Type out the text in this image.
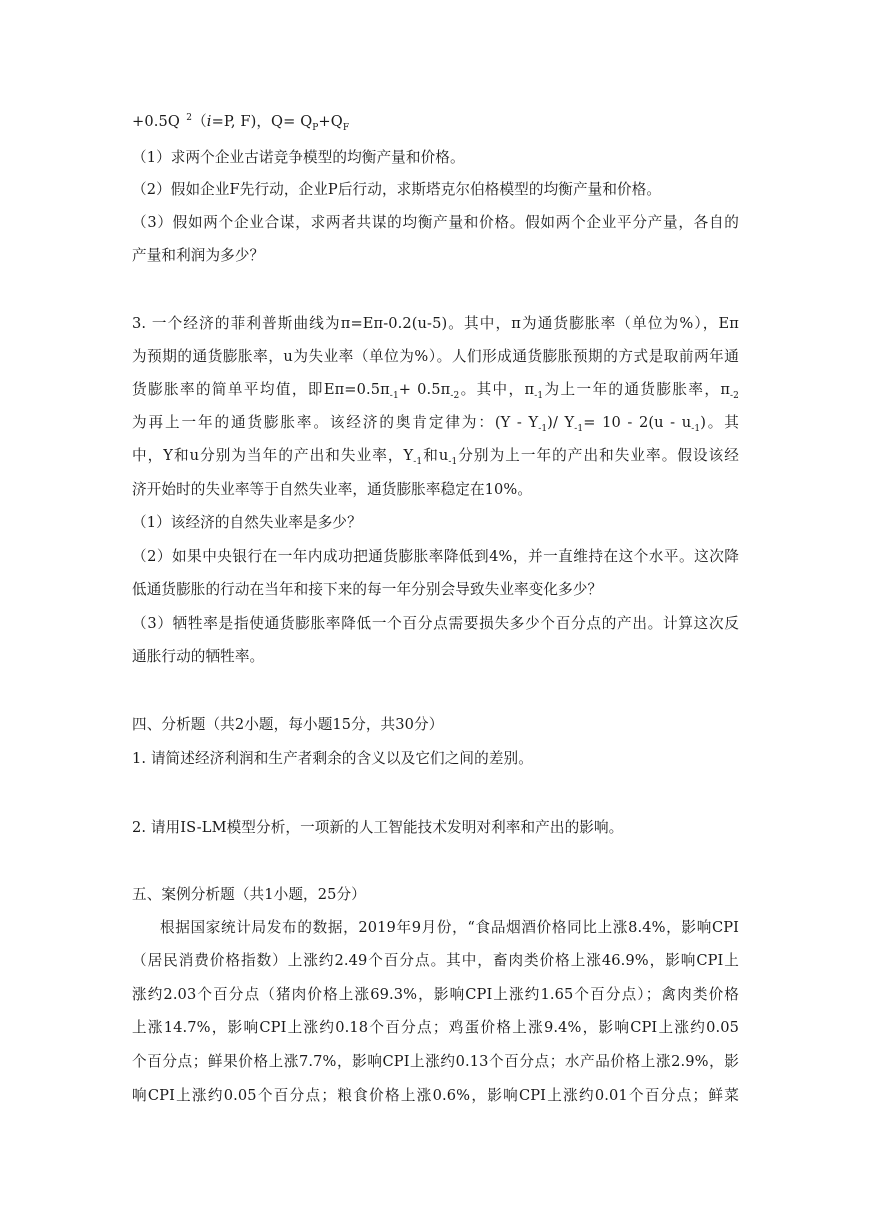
+0.5Q $^2$（i=P, F)，$Q= Q_P+Q_F$
（1）求两个企业古诺竞争模型的均衡产量和价格。
（2）假如企业F先行动，企业P后行动，求斯塔克尔伯格模型的均衡产量和价格。
（3）假如两个企业合谋，求两者共谋的均衡产量和价格。假如两个企业平分产量，各自的
产量和利润为多少？
3. 一个经济的菲利普斯曲线为π=Eπ-0.2(u-5)。其中，π为通货膨胀率（单位为%），Eπ
为预期的通货膨胀率，u为失业率（单位为%）。人们形成通货膨胀预期的方式是取前两年通
货膨胀率的简单平均值，即$E\pi=0.5\pi_{-1}+ 0.5\pi_{-2}$。其中，$\pi_{-1}$为上一年的通货膨胀率，$\pi_{-2}$
为再上一年的通货膨胀率。该经济的奥肯定律为：$(Y - Y_{-1})/$ $Y_{-1}= 10 - 2(u - u_{-1})$。其
中，Y和u分别为当年的产出和失业率，$Y_{-1}$和$u_{-1}$分别为上一年的产出和失业率。假设该经
济开始时的失业率等于自然失业率，通货膨胀率稳定在10%。
（1）该经济的自然失业率是多少？
（2）如果中央银行在一年内成功把通货膨胀率降低到4%，并一直维持在这个水平。这次降
低通货膨胀的行动在当年和接下来的每一年分别会导致失业率变化多少？
（3）牺牲率是指使通货膨胀率降低一个百分点需要损失多少个百分点的产出。计算这次反
通胀行动的牺牲率。
四、分析题（共2小题，每小题15分，共30分）
1. 请简述经济利润和生产者剩余的含义以及它们之间的差别。
2. 请用IS-LM模型分析，一项新的人工智能技术发明对利率和产出的影响。
五、案例分析题（共1小题，25分）
根据国家统计局发布的数据，2019年9月份，“食品烟酒价格同比上涨8.4%，影响CPI
（居民消费价格指数）上涨约2.49个百分点。其中，畜肉类价格上涨46.9%，影响CPI上
涨约2.03个百分点（猪肉价格上涨69.3%，影响CPI上涨约1.65个百分点）；禽肉类价格
上涨14.7%，影响CPI上涨约0.18个百分点；鸡蛋价格上涨9.4%，影响CPI上涨约0.05
个百分点；鲜果价格上涨7.7%，影响CPI上涨约0.13个百分点；水产品价格上涨2.9%，影
响CPI上涨约0.05个百分点；粮食价格上涨0.6%，影响CPI上涨约0.01个百分点；鲜菜
